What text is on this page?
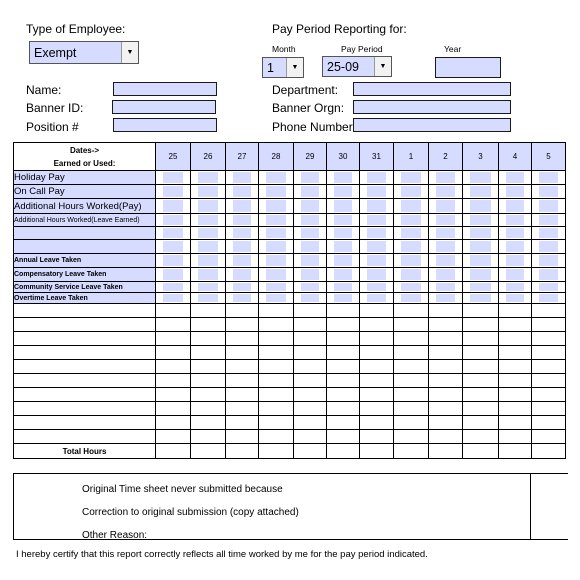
Type of Employee:
Exempt	▼
Pay Period Reporting for:
Month	Pay Period	Year
1	▼	25-09	▼
Name:
Banner ID:
Position #
Department:
Banner Orgn:
Phone Number
Dates->
Earned or Used:	25	26	27	28	29	30	31	1	2	3	4	5
Holiday Pay												
On Call Pay												
Additional Hours Worked(Pay)												
Additional Hours Worked(Leave Earned)												

Annual Leave Taken												
Compensatory Leave Taken												
Community Service Leave Taken												
Overtime Leave Taken												

Total Hours												
Original Time sheet never submitted because
Correction to original submission (copy attached)
Other Reason:
I hereby certify that this report correctly reflects all time worked by me for the pay period indicated.
